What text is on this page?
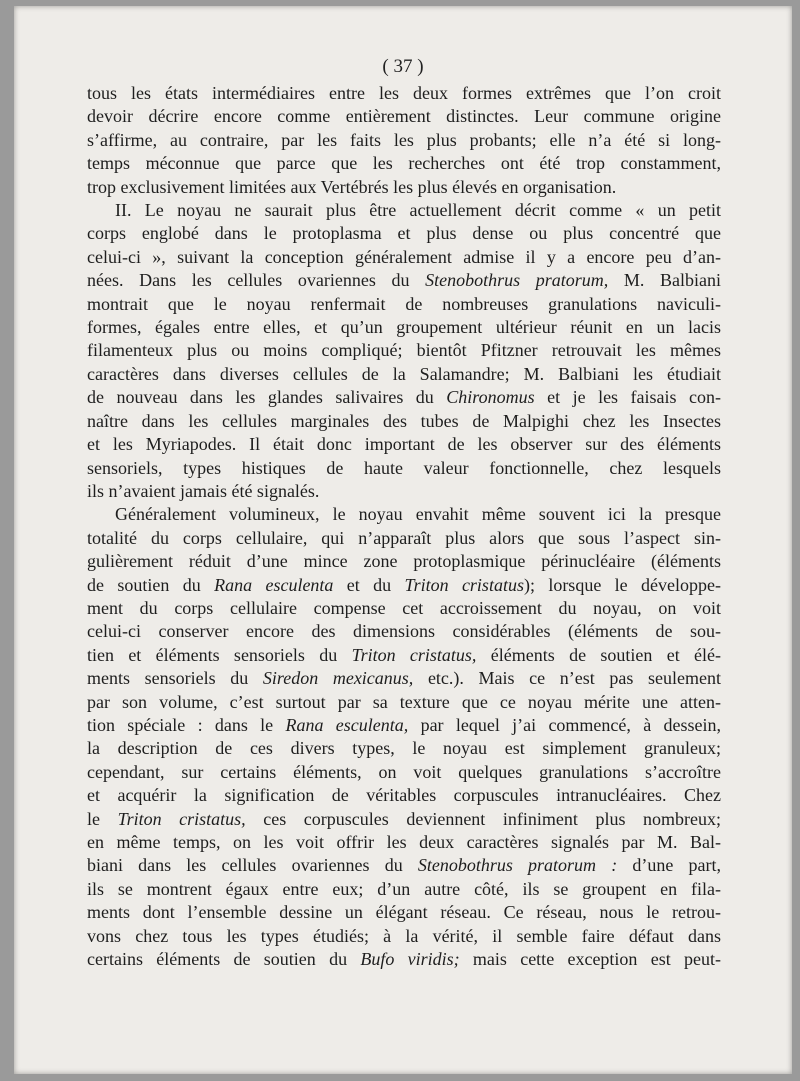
( 37 )
tous les états intermédiaires entre les deux formes extrêmes que l’on croit
devoir décrire encore comme entièrement distinctes. Leur commune origine
s’affirme, au contraire, par les faits les plus probants; elle n’a été si long-
temps méconnue que parce que les recherches ont été trop constamment,
trop exclusivement limitées aux Vertébrés les plus élevés en organisation.
II. Le noyau ne saurait plus être actuellement décrit comme « un petit
corps englobé dans le protoplasma et plus dense ou plus concentré que
celui-ci », suivant la conception généralement admise il y a encore peu d’an-
nées. Dans les cellules ovariennes du Stenobothrus pratorum, M. Balbiani
montrait que le noyau renfermait de nombreuses granulations naviculi-
formes, égales entre elles, et qu’un groupement ultérieur réunit en un lacis
filamenteux plus ou moins compliqué; bientôt Pfitzner retrouvait les mêmes
caractères dans diverses cellules de la Salamandre; M. Balbiani les étudiait
de nouveau dans les glandes salivaires du Chironomus et je les faisais con-
naître dans les cellules marginales des tubes de Malpighi chez les Insectes
et les Myriapodes. Il était donc important de les observer sur des éléments
sensoriels, types histiques de haute valeur fonctionnelle, chez lesquels
ils n’avaient jamais été signalés.
Généralement volumineux, le noyau envahit même souvent ici la presque
totalité du corps cellulaire, qui n’apparaît plus alors que sous l’aspect sin-
gulièrement réduit d’une mince zone protoplasmique périnucléaire (éléments
de soutien du Rana esculenta et du Triton cristatus); lorsque le développe-
ment du corps cellulaire compense cet accroissement du noyau, on voit
celui-ci conserver encore des dimensions considérables (éléments de sou-
tien et éléments sensoriels du Triton cristatus, éléments de soutien et élé-
ments sensoriels du Siredon mexicanus, etc.). Mais ce n’est pas seulement
par son volume, c’est surtout par sa texture que ce noyau mérite une atten-
tion spéciale : dans le Rana esculenta, par lequel j’ai commencé, à dessein,
la description de ces divers types, le noyau est simplement granuleux;
cependant, sur certains éléments, on voit quelques granulations s’accroître
et acquérir la signification de véritables corpuscules intranucléaires. Chez
le Triton cristatus, ces corpuscules deviennent infiniment plus nombreux;
en même temps, on les voit offrir les deux caractères signalés par M. Bal-
biani dans les cellules ovariennes du Stenobothrus pratorum : d’une part,
ils se montrent égaux entre eux; d’un autre côté, ils se groupent en fila-
ments dont l’ensemble dessine un élégant réseau. Ce réseau, nous le retrou-
vons chez tous les types étudiés; à la vérité, il semble faire défaut dans
certains éléments de soutien du Bufo viridis; mais cette exception est peut-
